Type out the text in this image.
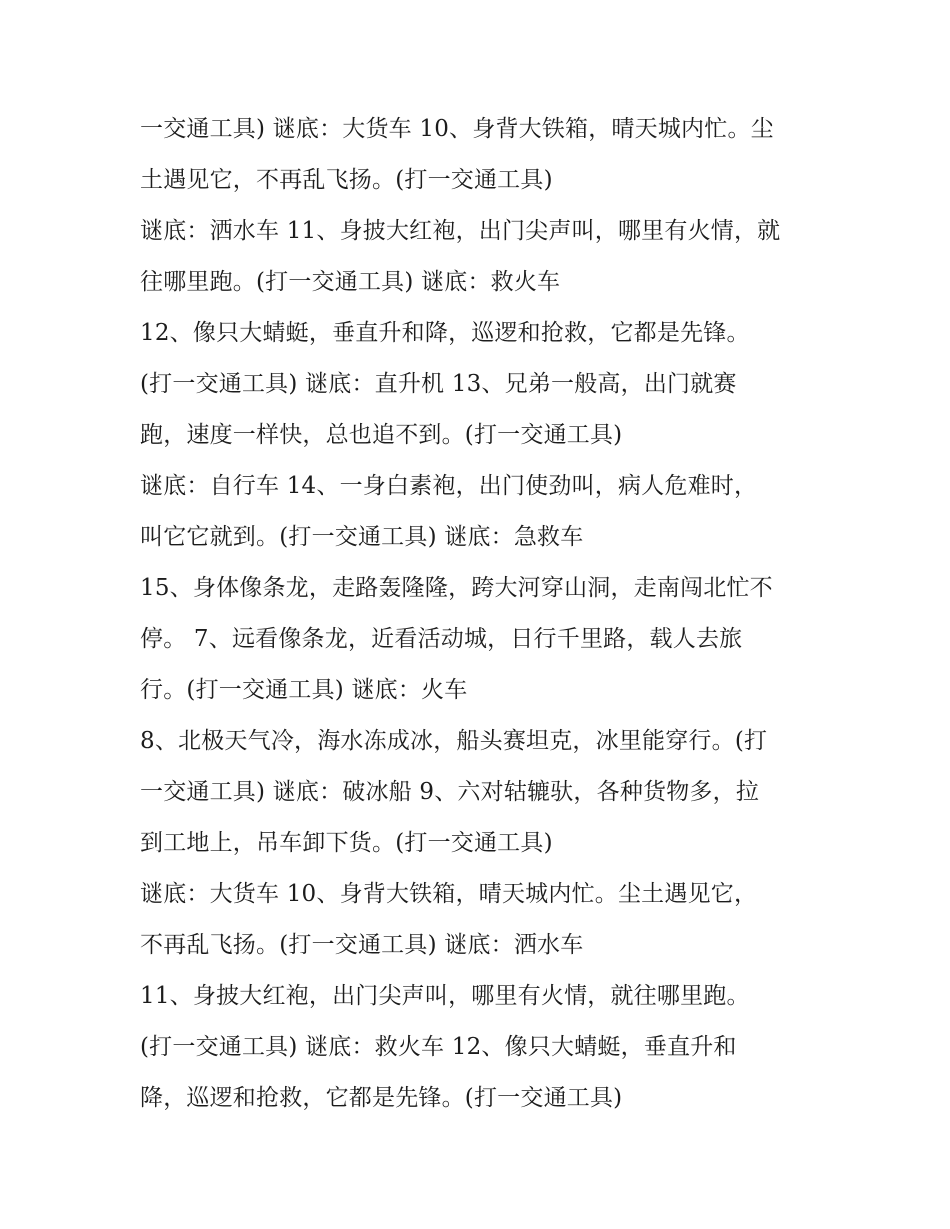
一交通工具) 谜底：大货车 10、身背大铁箱，晴天城内忙。尘
土遇见它，不再乱飞扬。(打一交通工具)
谜底：洒水车 11、身披大红袍，出门尖声叫，哪里有火情，就
往哪里跑。(打一交通工具) 谜底：救火车
12、像只大蜻蜓，垂直升和降，巡逻和抢救，它都是先锋。
(打一交通工具) 谜底：直升机 13、兄弟一般高，出门就赛
跑，速度一样快，总也追不到。(打一交通工具)
谜底：自行车 14、一身白素袍，出门使劲叫，病人危难时，
叫它它就到。(打一交通工具) 谜底：急救车
15、身体像条龙，走路轰隆隆，跨大河穿山洞，走南闯北忙不
停。 7、远看像条龙，近看活动城，日行千里路，载人去旅
行。(打一交通工具) 谜底：火车
8、北极天气冷，海水冻成冰，船头赛坦克，冰里能穿行。(打
一交通工具) 谜底：破冰船 9、六对轱辘驮，各种货物多，拉
到工地上，吊车卸下货。(打一交通工具)
谜底：大货车 10、身背大铁箱，晴天城内忙。尘土遇见它，
不再乱飞扬。(打一交通工具) 谜底：洒水车
11、身披大红袍，出门尖声叫，哪里有火情，就往哪里跑。
(打一交通工具) 谜底：救火车 12、像只大蜻蜓，垂直升和
降，巡逻和抢救，它都是先锋。(打一交通工具)
